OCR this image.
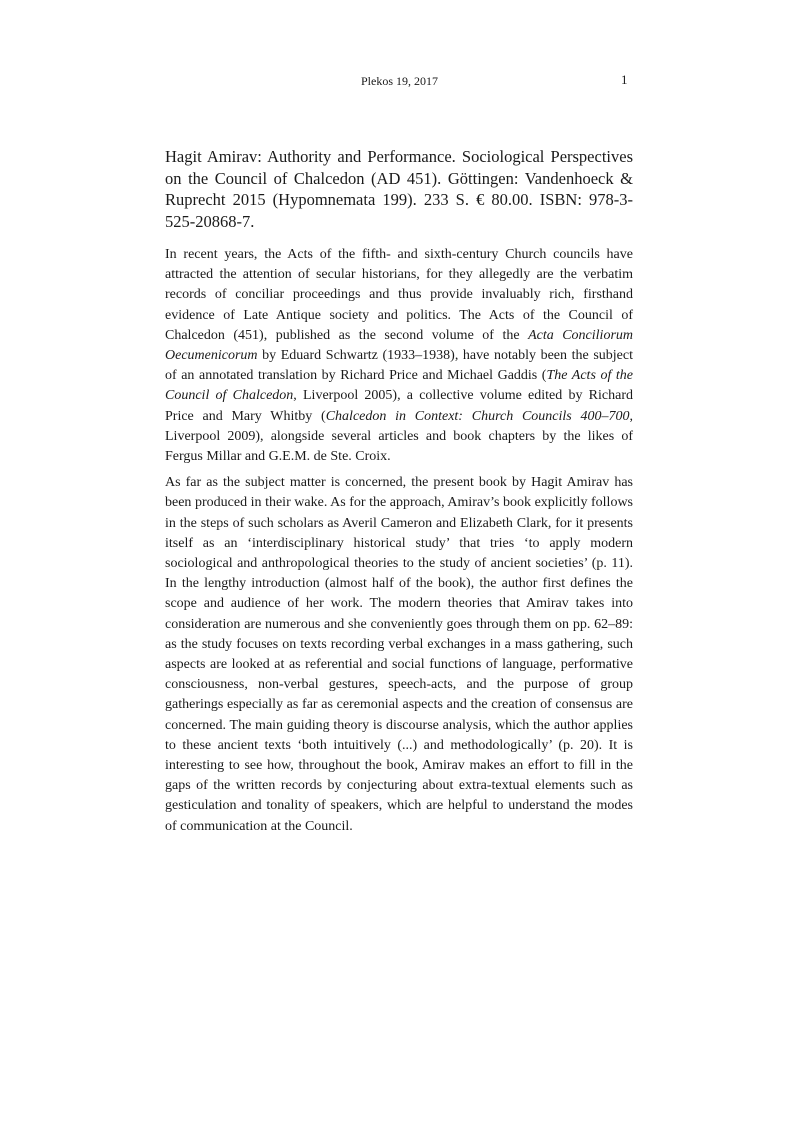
Plekos 19, 2017	1
Hagit Amirav: Authority and Performance. Sociological Perspectives on the Council of Chalcedon (AD 451). Göttingen: Vandenhoeck & Ruprecht 2015 (Hypomnemata 199). 233 S. € 80.00. ISBN: 978-3-525-20868-7.

In recent years, the Acts of the fifth- and sixth-century Church councils have attracted the attention of secular historians, for they allegedly are the verbatim records of conciliar proceedings and thus provide invaluably rich, firsthand evidence of Late Antique society and politics. The Acts of the Council of Chalcedon (451), published as the second volume of the Acta Conciliorum Oecumenicorum by Eduard Schwartz (1933–1938), have notably been the subject of an annotated translation by Richard Price and Michael Gaddis (The Acts of the Council of Chalcedon, Liverpool 2005), a collective volume edited by Richard Price and Mary Whitby (Chalcedon in Context: Church Councils 400–700, Liverpool 2009), alongside several articles and book chapters by the likes of Fergus Millar and G.E.M. de Ste. Croix.

As far as the subject matter is concerned, the present book by Hagit Amirav has been produced in their wake. As for the approach, Amirav’s book explicitly follows in the steps of such scholars as Averil Cameron and Elizabeth Clark, for it presents itself as an ‘interdisciplinary historical study’ that tries ‘to apply modern sociological and anthropological theories to the study of ancient societies’ (p. 11). In the lengthy introduction (almost half of the book), the author first defines the scope and audience of her work. The modern theories that Amirav takes into consideration are numerous and she conveniently goes through them on pp. 62–89: as the study focuses on texts recording verbal exchanges in a mass gathering, such aspects are looked at as referential and social functions of language, performative consciousness, non-verbal gestures, speech-acts, and the purpose of group gatherings especially as far as ceremonial aspects and the creation of consensus are concerned. The main guiding theory is discourse analysis, which the author applies to these ancient texts ‘both intuitively (...) and methodologically’ (p. 20). It is interesting to see how, throughout the book, Amirav makes an effort to fill in the gaps of the written records by conjecturing about extra-textual elements such as gesticulation and tonality of speakers, which are helpful to understand the modes of communication at the Council.
